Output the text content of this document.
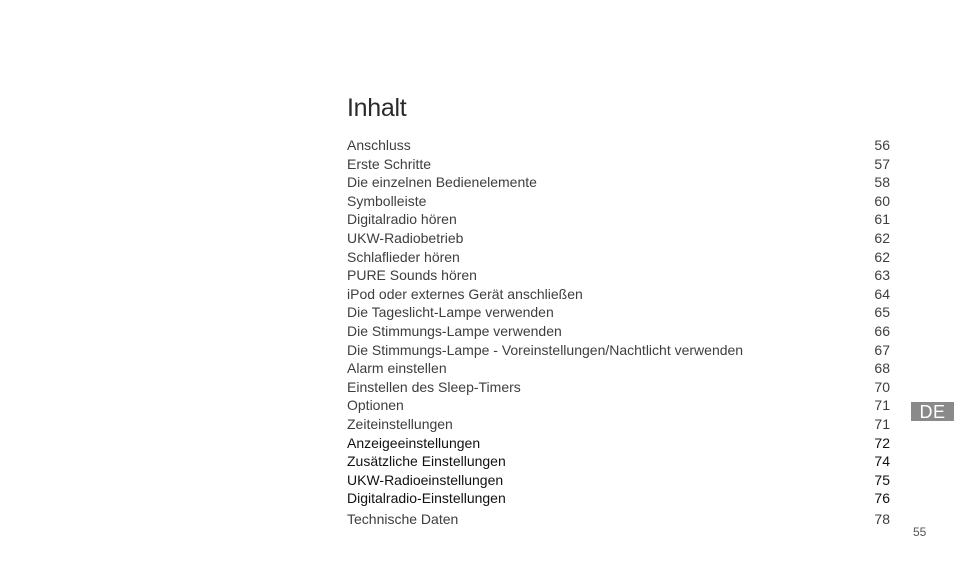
Inhalt
Anschluss	56
Erste Schritte	57
Die einzelnen Bedienelemente	58
Symbolleiste	60
Digitalradio hören	61
UKW-Radiobetrieb	62
Schlaflieder hören	62
PURE Sounds hören	63
iPod oder externes Gerät anschließen	64
Die Tageslicht-Lampe verwenden	65
Die Stimmungs-Lampe verwenden	66
Die Stimmungs-Lampe - Voreinstellungen/Nachtlicht verwenden	67
Alarm einstellen	68
Einstellen des Sleep-Timers	70
Optionen	71
Zeiteinstellungen	71
Anzeigeeinstellungen	72
Zusätzliche Einstellungen	74
UKW-Radioeinstellungen	75
Digitalradio-Einstellungen	76
Technische Daten	78
DE
55
